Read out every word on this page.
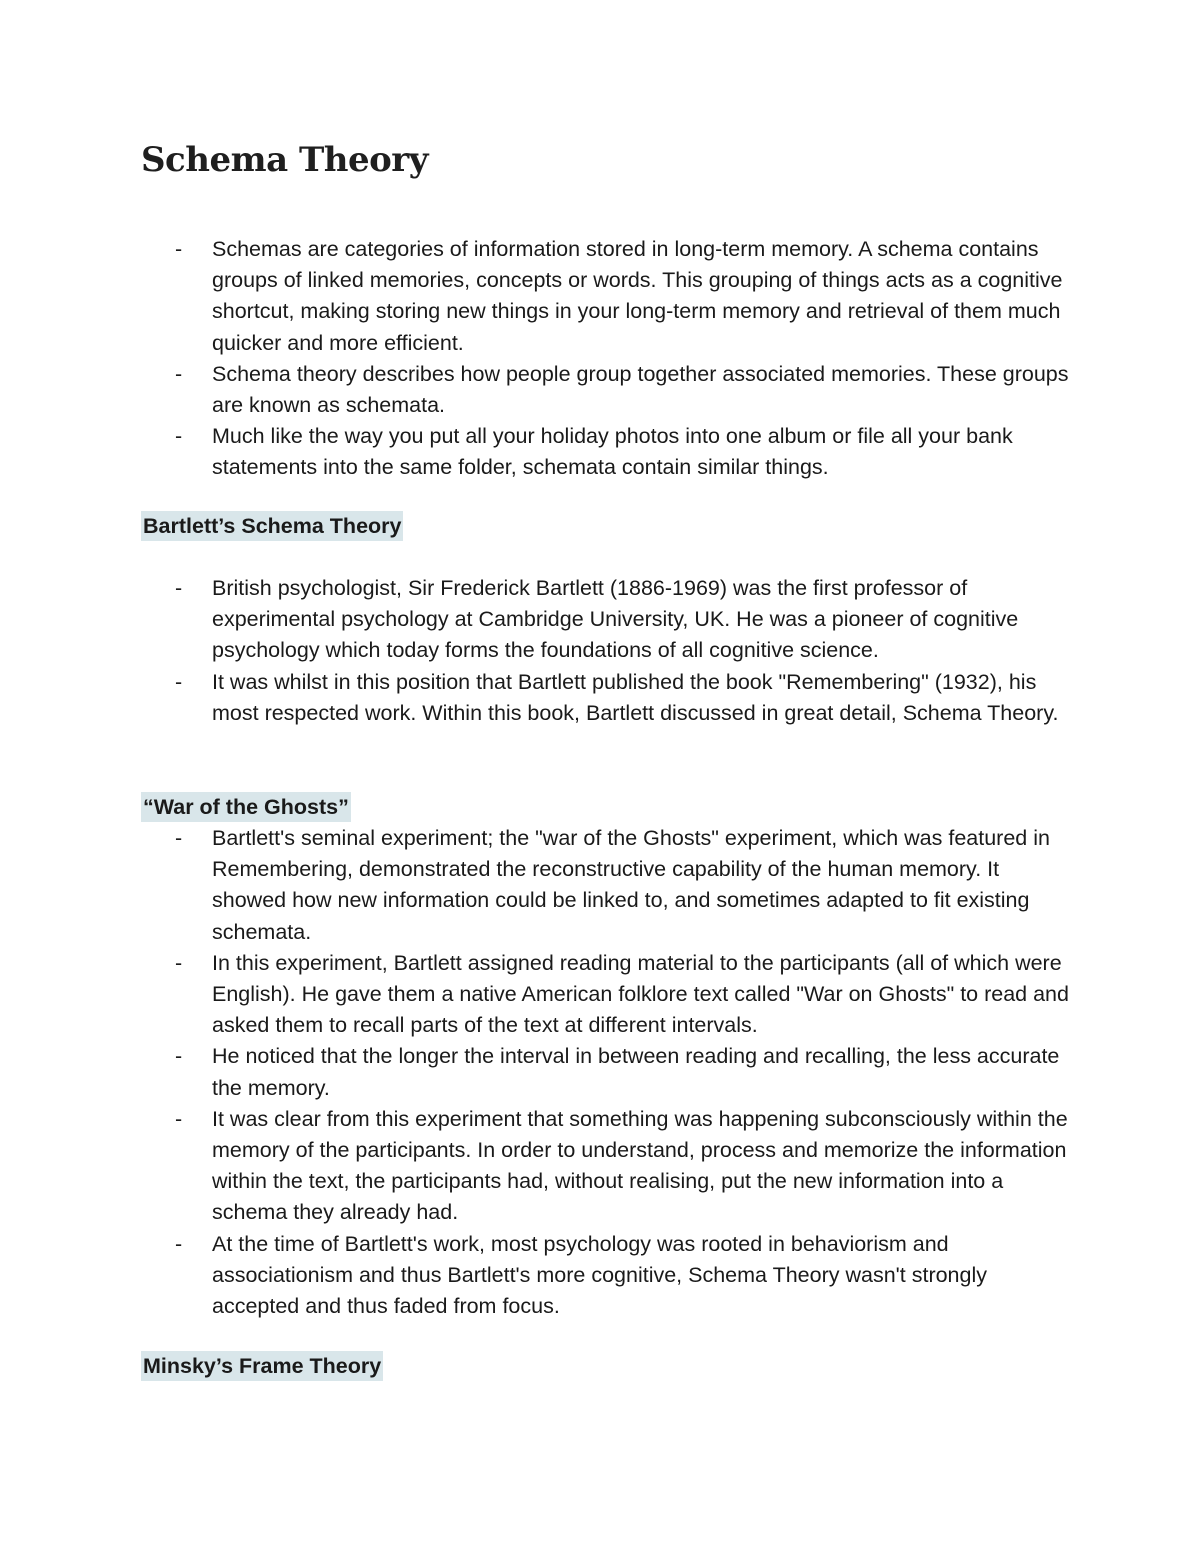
Schema Theory
- Schemas are categories of information stored in long-term memory. A schema contains groups of linked memories, concepts or words. This grouping of things acts as a cognitive shortcut, making storing new things in your long-term memory and retrieval of them much quicker and more efficient.
- Schema theory describes how people group together associated memories. These groups are known as schemata.
- Much like the way you put all your holiday photos into one album or file all your bank statements into the same folder, schemata contain similar things.
Bartlett’s Schema Theory
- British psychologist, Sir Frederick Bartlett (1886-1969) was the first professor of experimental psychology at Cambridge University, UK. He was a pioneer of cognitive psychology which today forms the foundations of all cognitive science.
- It was whilst in this position that Bartlett published the book "Remembering" (1932), his most respected work. Within this book, Bartlett discussed in great detail, Schema Theory.
“War of the Ghosts”
- Bartlett's seminal experiment; the "war of the Ghosts" experiment, which was featured in Remembering, demonstrated the reconstructive capability of the human memory. It showed how new information could be linked to, and sometimes adapted to fit existing schemata.
- In this experiment, Bartlett assigned reading material to the participants (all of which were English). He gave them a native American folklore text called "War on Ghosts" to read and asked them to recall parts of the text at different intervals.
- He noticed that the longer the interval in between reading and recalling, the less accurate the memory.
- It was clear from this experiment that something was happening subconsciously within the memory of the participants. In order to understand, process and memorize the information within the text, the participants had, without realising, put the new information into a schema they already had.
- At the time of Bartlett's work, most psychology was rooted in behaviorism and associationism and thus Bartlett's more cognitive, Schema Theory wasn't strongly accepted and thus faded from focus.
Minsky’s Frame Theory
